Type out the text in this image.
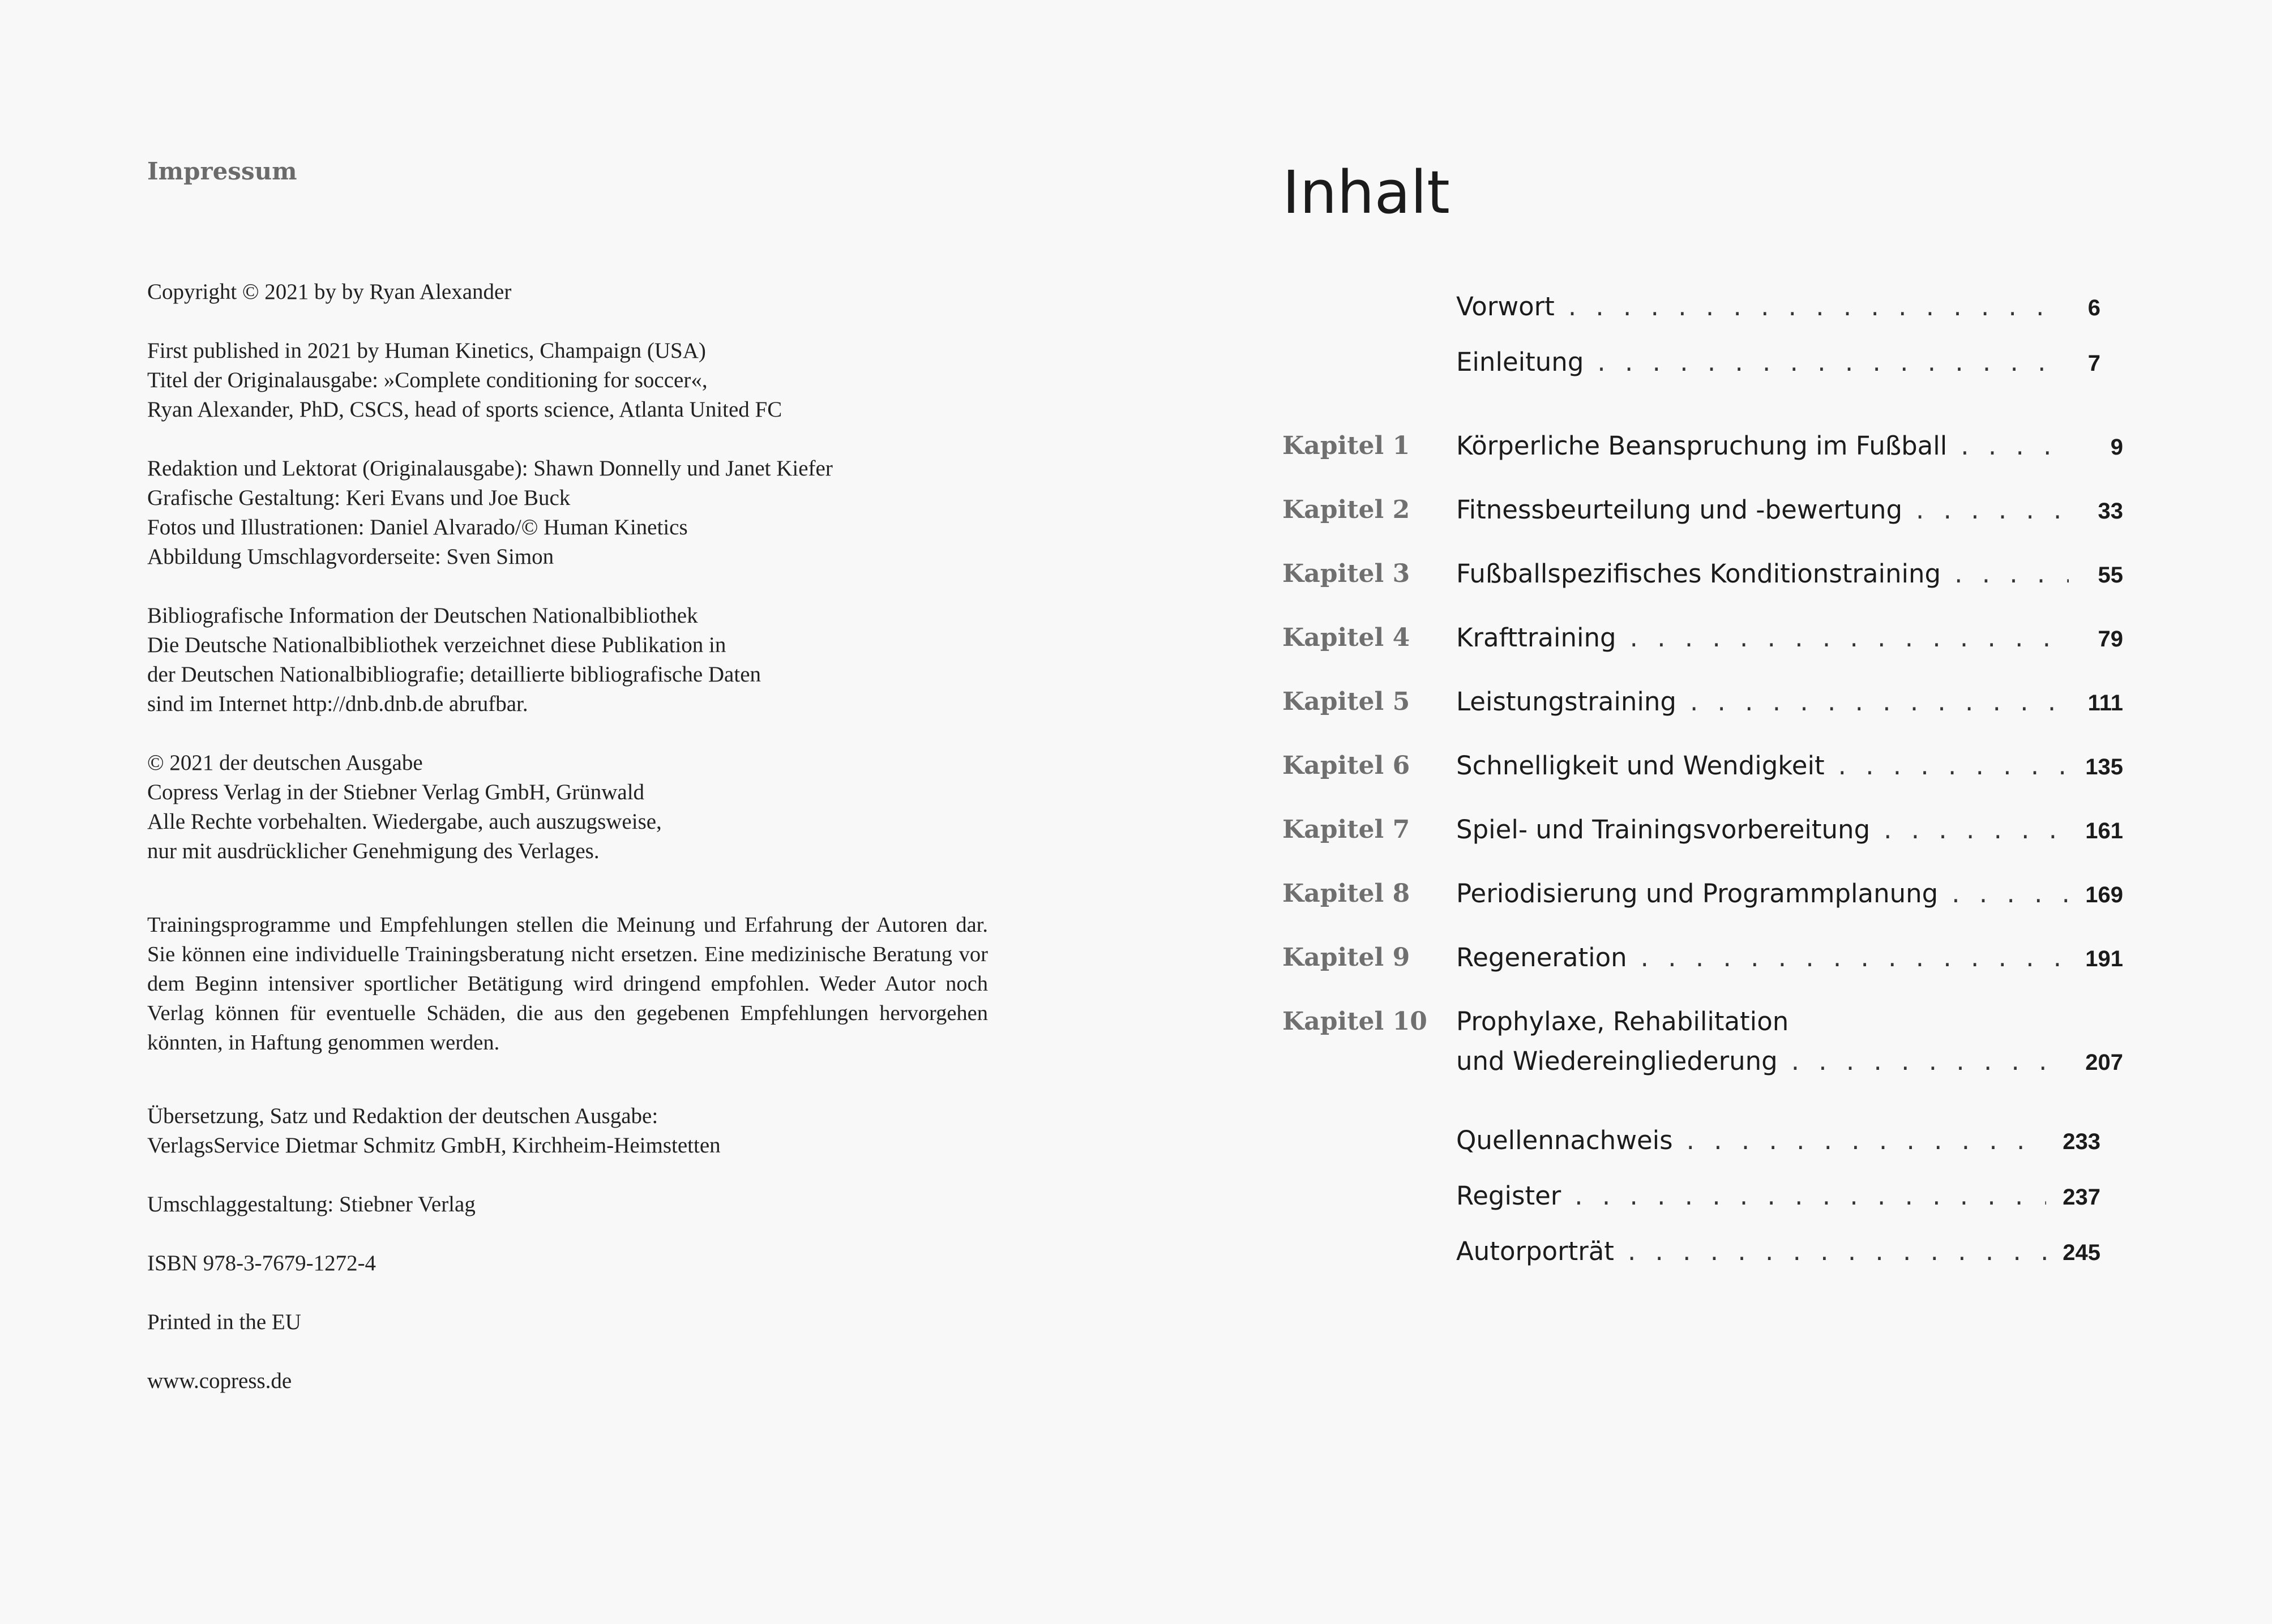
Impressum
Copyright © 2021 by by Ryan Alexander
First published in 2021 by Human Kinetics, Champaign (USA)
Titel der Originalausgabe: »Complete conditioning for soccer«,
Ryan Alexander, PhD, CSCS, head of sports science, Atlanta United FC
Redaktion und Lektorat (Originalausgabe): Shawn Donnelly und Janet Kiefer
Grafische Gestaltung: Keri Evans und Joe Buck
Fotos und Illustrationen: Daniel Alvarado/© Human Kinetics
Abbildung Umschlagvorderseite: Sven Simon
Bibliografische Information der Deutschen Nationalbibliothek
Die Deutsche Nationalbibliothek verzeichnet diese Publikation in
der Deutschen Nationalbibliografie; detaillierte bibliografische Daten
sind im Internet http://dnb.dnb.de abrufbar.
© 2021 der deutschen Ausgabe
Copress Verlag in der Stiebner Verlag GmbH, Grünwald
Alle Rechte vorbehalten. Wiedergabe, auch auszugsweise,
nur mit ausdrücklicher Genehmigung des Verlages.
Trainingsprogramme und Empfehlungen stellen die Meinung und Erfahrung der Autoren dar. Sie können eine individuelle Trainingsberatung nicht ersetzen. Eine medizinische Beratung vor dem Beginn intensiver sportlicher Betätigung wird dringend empfohlen. Weder Autor noch Verlag können für eventuelle Schäden, die aus den gegebenen Empfehlungen hervorgehen könnten, in Haftung genommen werden.
Übersetzung, Satz und Redaktion der deutschen Ausgabe:
VerlagsService Dietmar Schmitz GmbH, Kirchheim-Heimstetten
Umschlaggestaltung: Stiebner Verlag
ISBN 978-3-7679-1272-4
Printed in the EU
www.copress.de
Inhalt
Vorwort . . .	6
Einleitung . . .	7
Kapitel 1 Körperliche Beanspruchung im Fußball . . .	9
Kapitel 2 Fitnessbeurteilung und -bewertung . . .	33
Kapitel 3 Fußballspezifisches Konditionstraining . . .	55
Kapitel 4 Krafttraining . . .	79
Kapitel 5 Leistungstraining . . .	111
Kapitel 6 Schnelligkeit und Wendigkeit . . .	135
Kapitel 7 Spiel- und Trainingsvorbereitung . . .	161
Kapitel 8 Periodisierung und Programmplanung . . .	169
Kapitel 9 Regeneration . . .	191
Kapitel 10 Prophylaxe, Rehabilitation
und Wiedereingliederung . . .	207
Quellennachweis . . .	233
Register . . .	237
Autorporträt . . .	245
